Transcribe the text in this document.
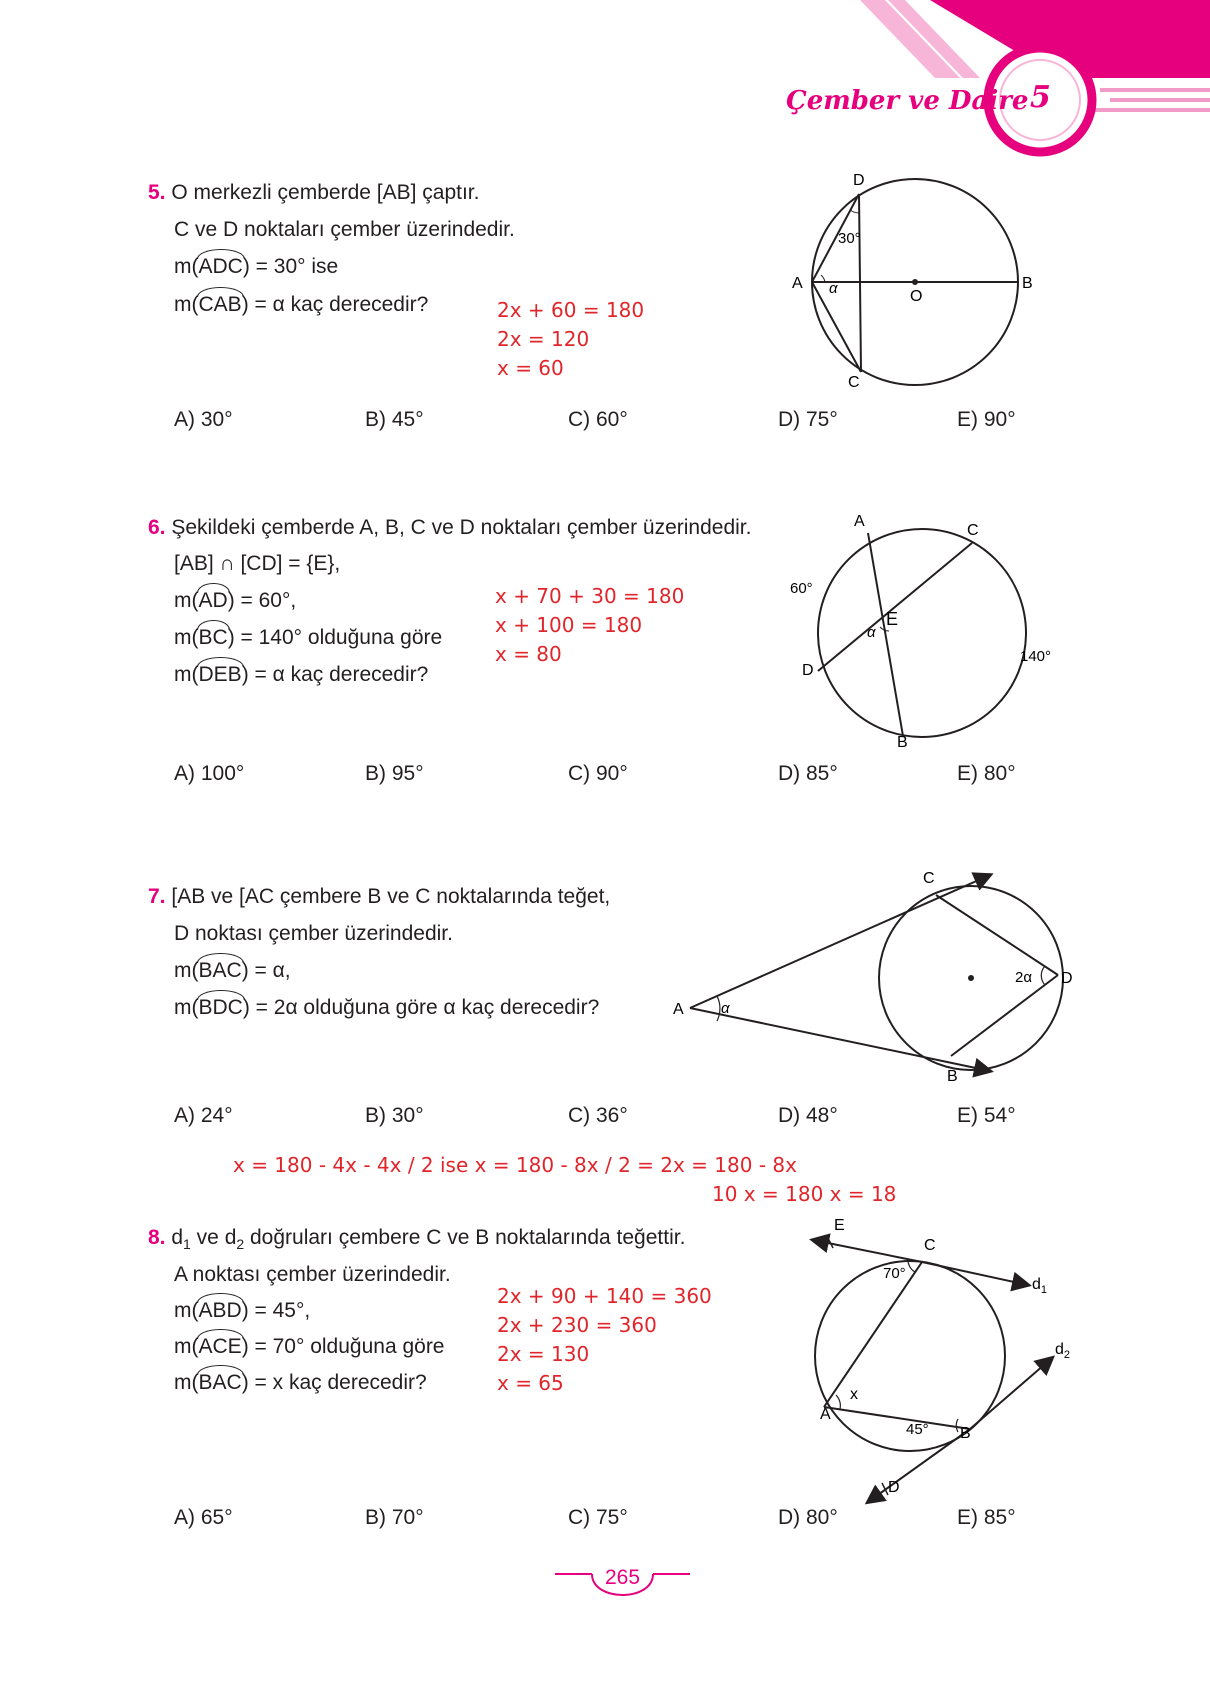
Çember ve Daire 5
5. O merkezli çemberde [AB] çaptır.
C ve D noktaları çember üzerindedir.
m(ADC) = 30° ise
m(CAB) = α kaç derecedir?	2x + 60 = 180
2x = 120
x = 60
D
A	B
C
O
30°
α
A) 30°	B) 45°	C) 60°	D) 75°	E) 90°
6. Şekildeki çemberde A, B, C ve D noktaları çember üzerindedir.
[AB] ∩ [CD] = {E},
m(AD) = 60°,
m(BC) = 140° olduğuna göre
m(DEB) = α kaç derecedir?
x + 70 + 30 = 180
x + 100 = 180
x = 80
A
C
D
B
E
60°
140°
α
A) 100°	B) 95°	C) 90°	D) 85°	E) 80°
7. [AB ve [AC çembere B ve C noktalarında teğet,
D noktası çember üzerindedir.
m(BAC) = α,
m(BDC) = 2α olduğuna göre α kaç derecedir?	A
C
B
D
α
2α
A) 24°	B) 30°	C) 36°	D) 48°	E) 54°
x = 180 - 4x - 4x / 2 ise x = 180 - 8x / 2 = 2x = 180 - 8x
10 x = 180 x = 18
8. $d_1$ ve $d_2$ doğruları çembere C ve B noktalarında teğettir.
A noktası çember üzerindedir.
m(ABD) = 45°,
m(ACE) = 70° olduğuna göre
m(BAC) = x kaç derecedir?
2x + 90 + 140 = 360
2x + 230 = 360
2x = 130
x = 65
E
C
$d_1$
$d_2$
A
B
D
x
70°
45°
A) 65°	B) 70°	C) 75°	D) 80°	E) 85°
265
